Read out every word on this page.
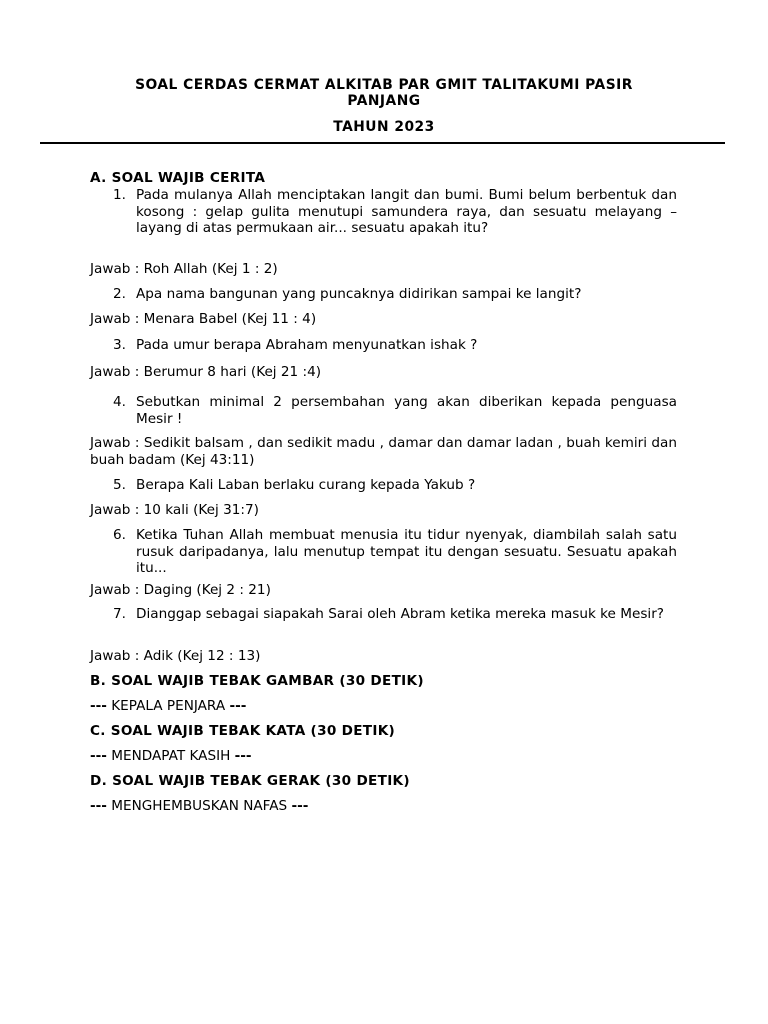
SOAL CERDAS CERMAT ALKITAB PAR GMIT TALITAKUMI PASIR
PANJANG
TAHUN 2023
A. SOAL WAJIB CERITA
1. Pada mulanya Allah menciptakan langit dan bumi. Bumi belum berbentuk dan kosong : gelap gulita menutupi samundera raya, dan sesuatu melayang – layang di atas permukaan air... sesuatu apakah itu?
Jawab : Roh Allah (Kej 1 : 2)
2. Apa nama bangunan yang puncaknya didirikan sampai ke langit?
Jawab : Menara Babel (Kej 11 : 4)
3. Pada umur berapa Abraham menyunatkan ishak ?
Jawab : Berumur 8 hari (Kej 21 :4)
4. Sebutkan minimal 2 persembahan yang akan diberikan kepada penguasa Mesir !
Jawab : Sedikit balsam , dan sedikit madu , damar dan damar ladan , buah kemiri dan buah badam (Kej 43:11)
5. Berapa Kali Laban berlaku curang kepada Yakub ?
Jawab : 10 kali (Kej 31:7)
6. Ketika Tuhan Allah membuat menusia itu tidur nyenyak, diambilah salah satu rusuk daripadanya, lalu menutup tempat itu dengan sesuatu. Sesuatu apakah itu...
Jawab : Daging (Kej 2 : 21)
7. Dianggap sebagai siapakah Sarai oleh Abram ketika mereka masuk ke Mesir?
Jawab : Adik (Kej 12 : 13)
B. SOAL WAJIB TEBAK GAMBAR (30 DETIK)
--- KEPALA PENJARA ---
C. SOAL WAJIB TEBAK KATA (30 DETIK)
--- MENDAPAT KASIH ---
D. SOAL WAJIB TEBAK GERAK (30 DETIK)
--- MENGHEMBUSKAN NAFAS ---
